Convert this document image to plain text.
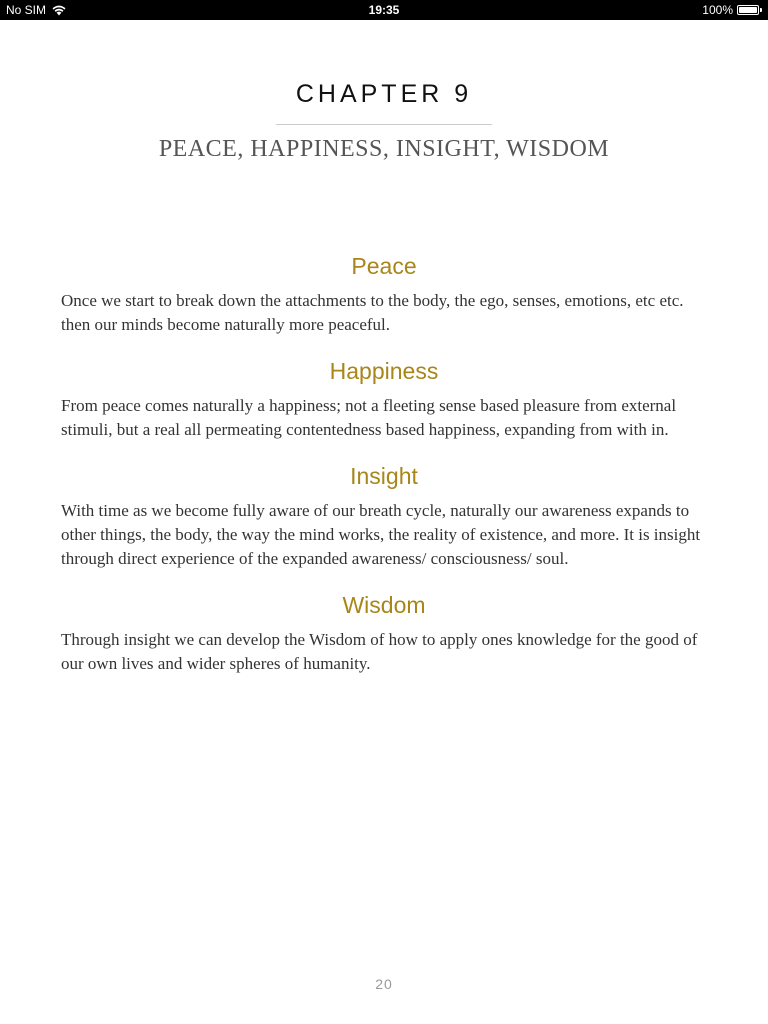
No SIM	19:35	100%
CHAPTER 9
PEACE, HAPPINESS, INSIGHT, WISDOM
Peace

Once we start to break down the attachments to the body, the ego, senses, emotions, etc etc. then our minds become naturally more peaceful.

Happiness

From peace comes naturally a happiness; not a fleeting sense based pleasure from external stimuli, but a real all permeating contentedness based happiness, expanding from with in.

Insight

With time as we become fully aware of our breath cycle, naturally our awareness expands to other things, the body, the way the mind works, the reality of existence, and more. It is insight through direct experience of the expanded awareness/ consciousness/ soul.

Wisdom

Through insight we can develop the Wisdom of how to apply ones knowledge for the good of our own lives and wider spheres of humanity.

20
